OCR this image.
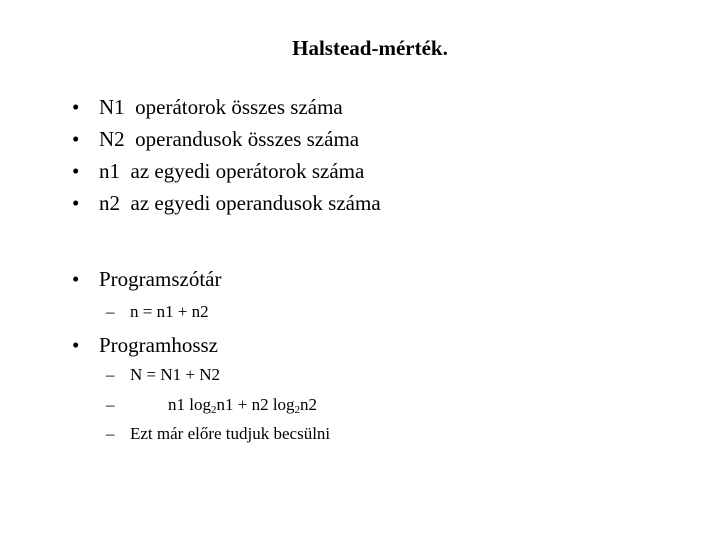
Halstead-mérték.
• N1  operátorok összes száma
• N2  operandusok összes száma
• n1  az egyedi operátorok száma
• n2  az egyedi operandusok száma
• Programszótár
– n = n1 + n2
• Programhossz
– N = N1 + N2
–	n1 $\log_2n1 + n2$ $\log_2n2$
– Ezt már előre tudjuk becsülni
